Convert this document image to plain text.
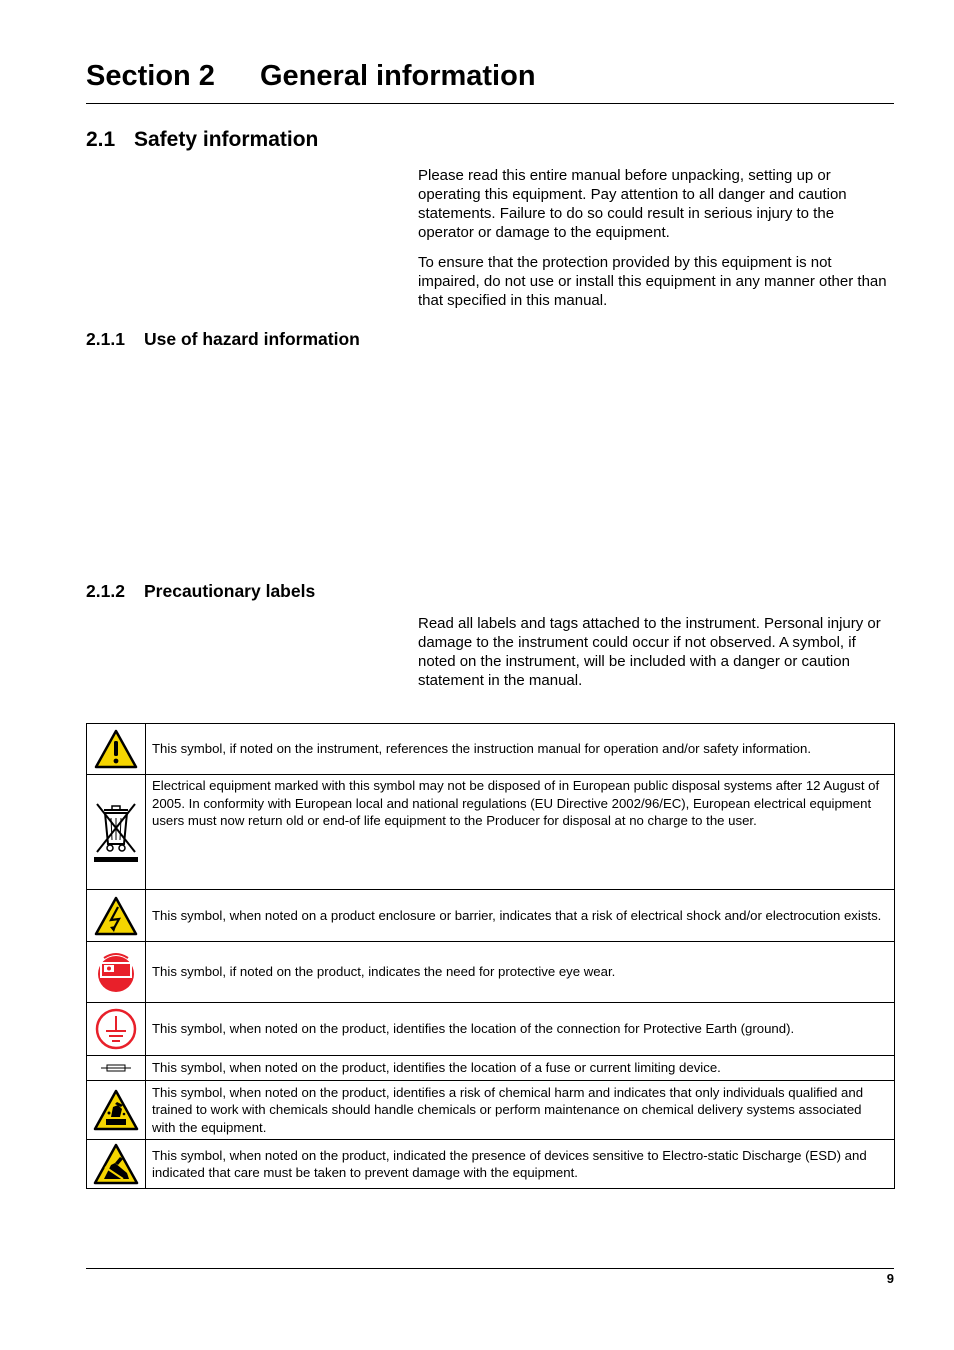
Section 2 General information
2.1 Safety information

Please read this entire manual before unpacking, setting up or operating this equipment. Pay attention to all danger and caution statements. Failure to do so could result in serious injury to the operator or damage to the equipment.

To ensure that the protection provided by this equipment is not impaired, do not use or install this equipment in any manner other than that specified in this manual.

2.1.1 Use of hazard information
2.1.2 Precautionary labels

Read all labels and tags attached to the instrument. Personal injury or damage to the instrument could occur if not observed. A symbol, if noted on the instrument, will be included with a danger or caution statement in the manual.

	This symbol, if noted on the instrument, references the instruction manual for operation and/or safety information.

	Electrical equipment marked with this symbol may not be disposed of in European public disposal systems after 12 August of 2005. In conformity with European local and national regulations (EU Directive 2002/96/EC), European electrical equipment users must now return old or end-of life equipment to the Producer for disposal at no charge to the user.

	This symbol, when noted on a product enclosure or barrier, indicates that a risk of electrical shock and/or electrocution exists.

	This symbol, if noted on the product, indicates the need for protective eye wear.

	This symbol, when noted on the product, identifies the location of the connection for Protective Earth (ground).

	This symbol, when noted on the product, identifies the location of a fuse or current limiting device.

	This symbol, when noted on the product, identifies a risk of chemical harm and indicates that only individuals qualified and trained to work with chemicals should handle chemicals or perform maintenance on chemical delivery systems associated with the equipment.

	This symbol, when noted on the product, indicated the presence of devices sensitive to Electro-static Discharge (ESD) and indicated that care must be taken to prevent damage with the equipment.
9
